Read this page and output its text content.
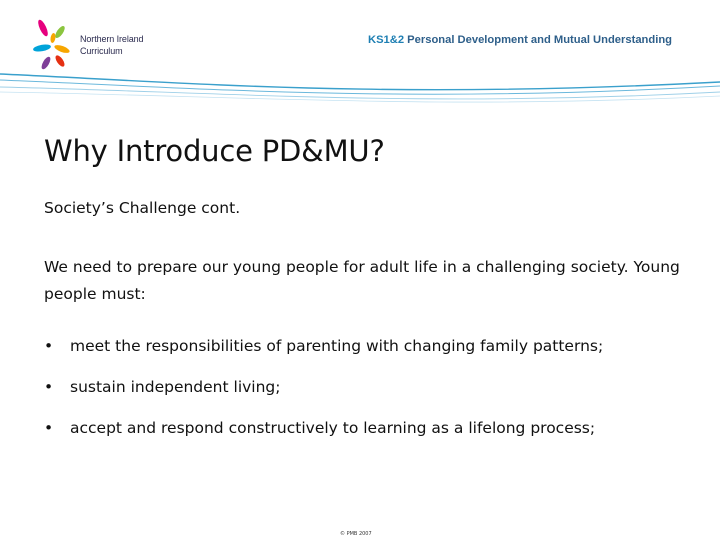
Northern Ireland
Curriculum
KS1&2 Personal Development and Mutual Understanding
Why Introduce PD&MU?
Society’s Challenge cont.
We need to prepare our young people for adult life in a challenging society. Young people must:
•	meet the responsibilities of parenting with changing family patterns;
•	sustain independent living;
•	accept and respond constructively to learning as a lifelong process;
© PMB 2007
